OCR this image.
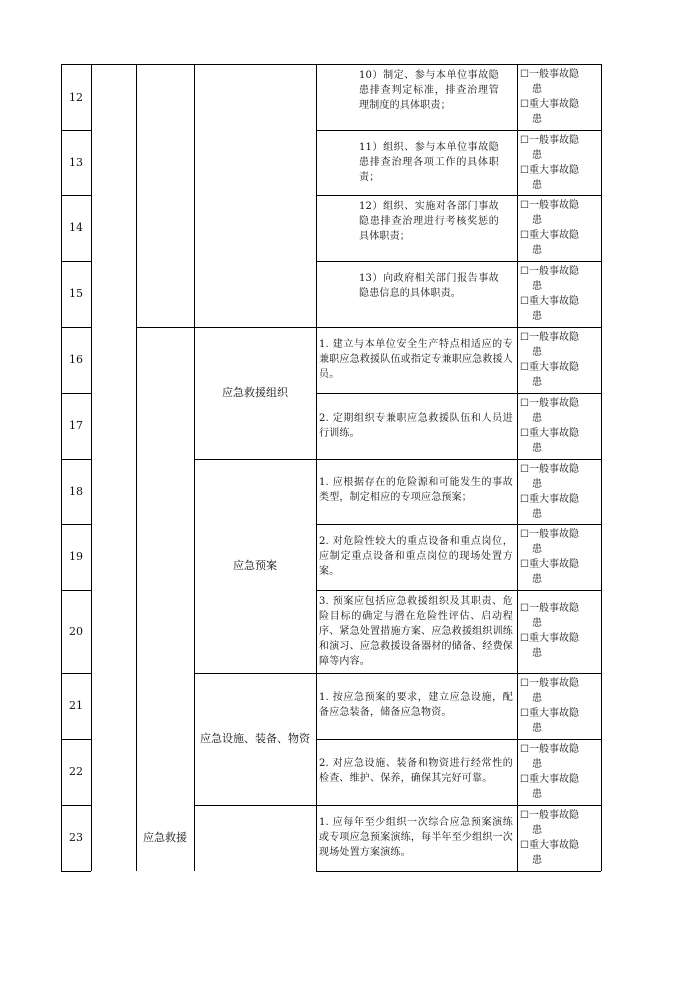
12
13
14
15
16
17
18
19
20
21
22
23
应急救援组织
应急预案
应急设施、装备、物资
应急救援
10）制定、参与本单位事故隐患排查判定标准，排查治理管理制度的具体职责；
11）组织、参与本单位事故隐患排查治理各项工作的具体职责；
12）组织、实施对各部门事故隐患排查治理进行考核奖惩的具体职责；
13）向政府相关部门报告事故隐患信息的具体职责。
1. 建立与本单位安全生产特点相适应的专兼职应急救援队伍或指定专兼职应急救援人员。
2. 定期组织专兼职应急救援队伍和人员进行训练。
1. 应根据存在的危险源和可能发生的事故类型，制定相应的专项应急预案；
2. 对危险性较大的重点设备和重点岗位，应制定重点设备和重点岗位的现场处置方案。
3. 预案应包括应急救援组织及其职责、危险目标的确定与潜在危险性评估、启动程序、紧急处置措施方案、应急救援组织训练和演习、应急救援设备器材的储备、经费保障等内容。
1. 按应急预案的要求，建立应急设施，配备应急装备，储备应急物资。
2. 对应急设施、装备和物资进行经常性的检查、维护、保养，确保其完好可靠。
1. 应每年至少组织一次综合应急预案演练或专项应急预案演练，每半年至少组织一次现场处置方案演练。
☐一般事故隐
患
☐重大事故隐
患
☐一般事故隐
患
☐重大事故隐
患
☐一般事故隐
患
☐重大事故隐
患
☐一般事故隐
患
☐重大事故隐
患
☐一般事故隐
患
☐重大事故隐
患
☐一般事故隐
患
☐重大事故隐
患
☐一般事故隐
患
☐重大事故隐
患
☐一般事故隐
患
☐重大事故隐
患
☐一般事故隐
患
☐重大事故隐
患
☐一般事故隐
患
☐重大事故隐
患
☐一般事故隐
患
☐重大事故隐
患
☐一般事故隐
患
☐重大事故隐
患
